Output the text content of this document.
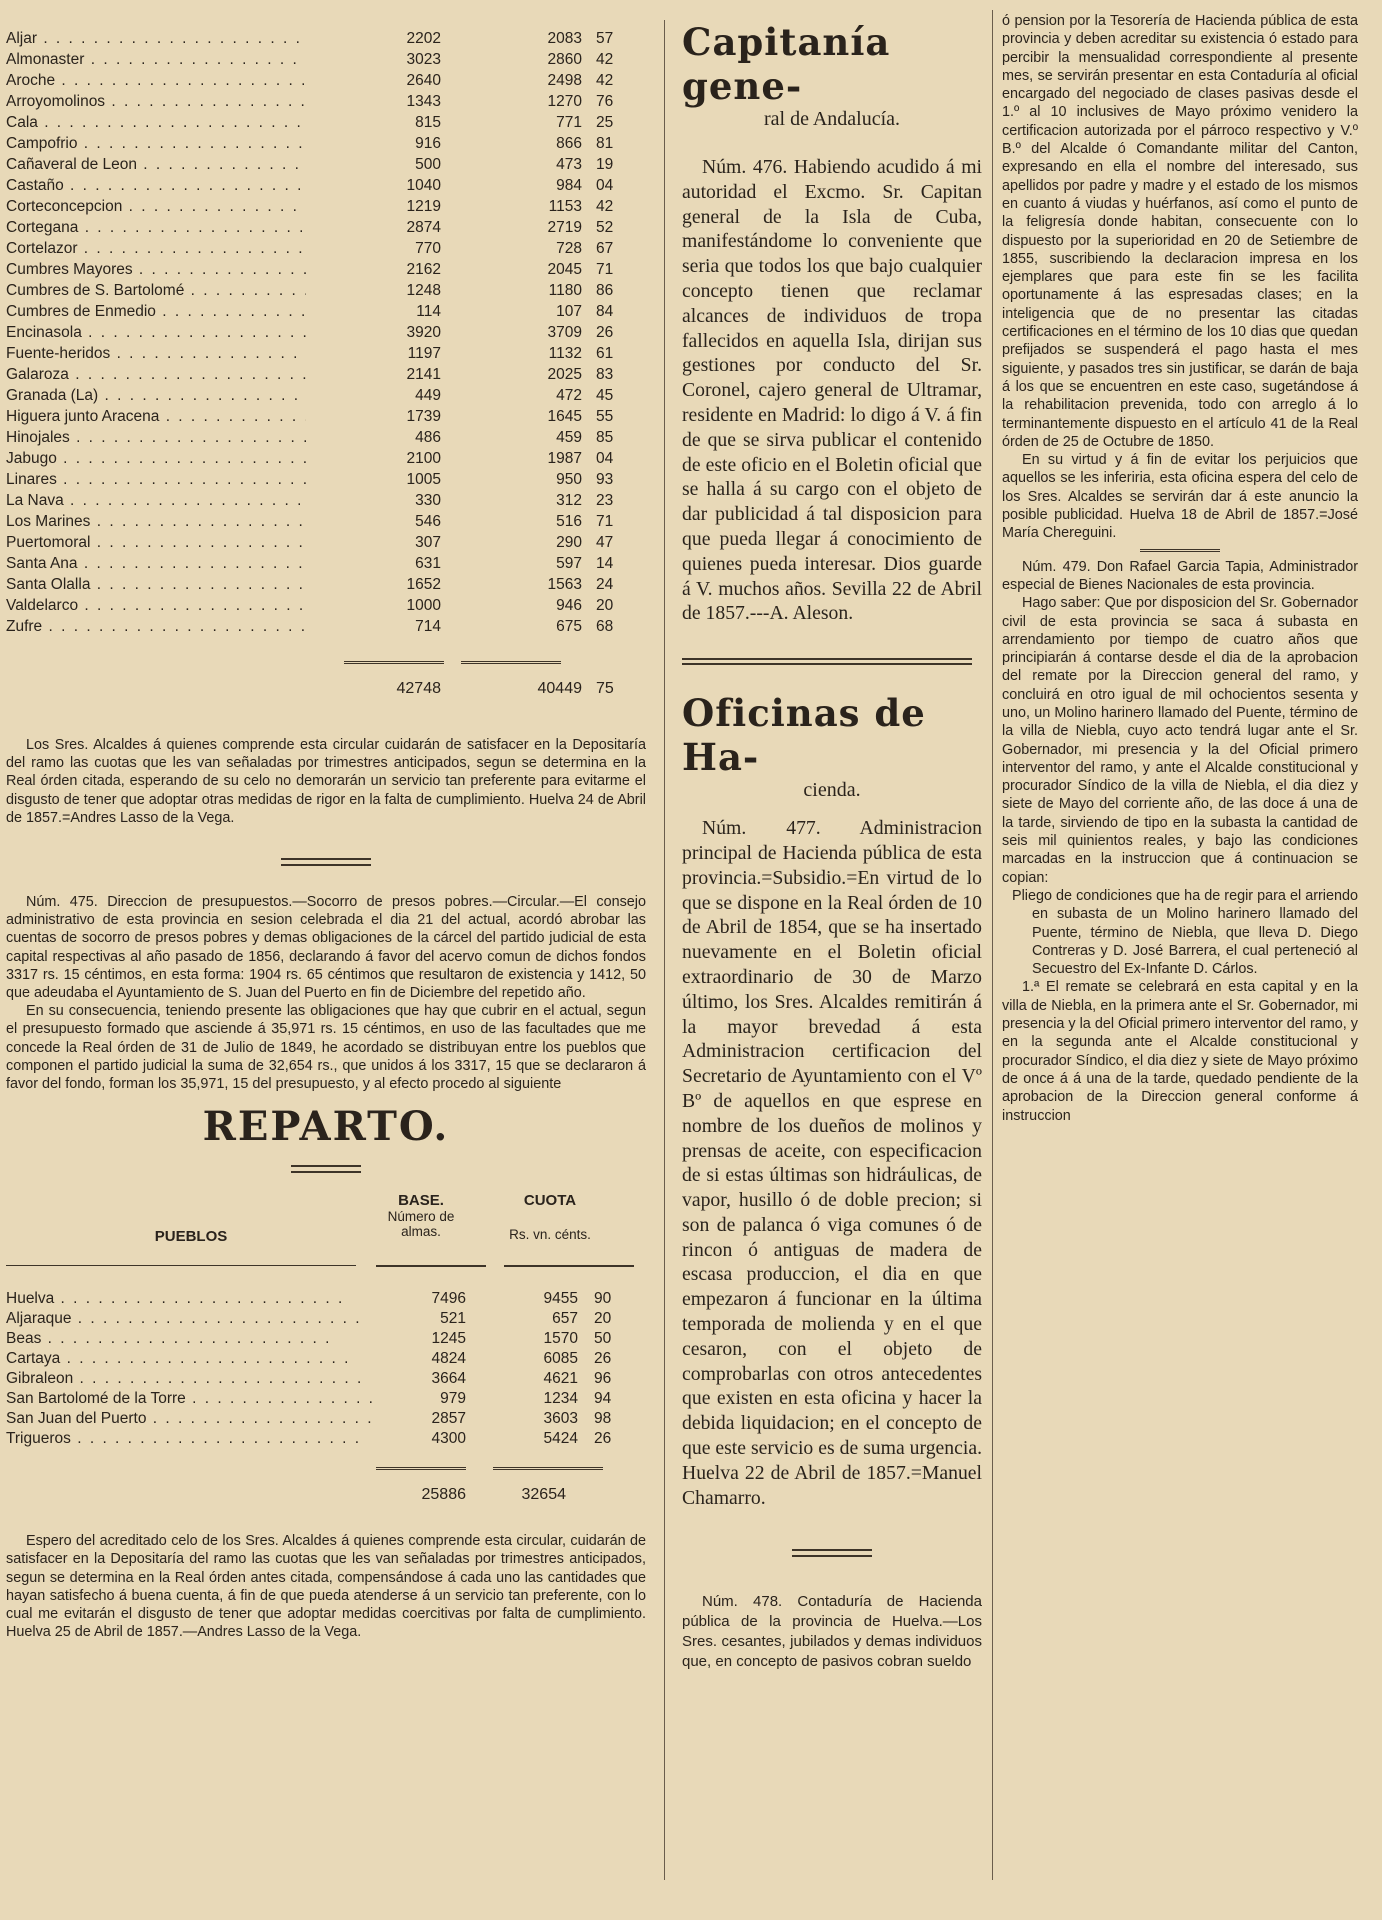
Aljar . . .	2202	2083 57
Almonaster . . .	3023	2860 42
Aroche . . .	2640	2498 42
Arroyomolinos . . .	1343	1270 76
Cala . . .	815	771 25
Campofrio . . .	916	866 81
Cañaveral de Leon . . .	500	473 19
Castaño . . .	1040	984 04
Corteconcepcion . . .	1219	1153 42
Cortegana . . .	2874	2719 52
Cortelazor . . .	770	728 67
Cumbres Mayores . . .	2162	2045 71
Cumbres de S. Bartolomé . . .	1248	1180 86
Cumbres de Enmedio . . .	114	107 84
Encinasola . . .	3920	3709 26
Fuente-heridos . . .	1197	1132 61
Galaroza . . .	2141	2025 83
Granada (La) . . .	449	472 45
Higuera junto Aracena . . .	1739	1645 55
Hinojales . . .	486	459 85
Jabugo . . .	2100	1987 04
Linares . . .	1005	950 93
La Nava . . .	330	312 23
Los Marines . . .	546	516 71
Puertomoral . . .	307	290 47
Santa Ana . . .	631	597 14
Santa Olalla . . .	1652	1563 24
Valdelarco . . .	1000	946 20
Zufre . . .	714	675 68
42748	40449 75

Los Sres. Alcaldes á quienes comprende esta circular cuidarán de satisfacer en la Depositaría del ramo las cuotas que les van señaladas por trimestres anticipados, segun se determina en la Real órden citada, esperando de su celo no demorarán un servicio tan preferente para evitarme el disgusto de tener que adoptar otras medidas de rigor en la falta de cumplimiento. Huelva 24 de Abril de 1857.=Andres Lasso de la Vega.

Núm. 475. Direccion de presupuestos.—Socorro de presos pobres.—Circular.—El consejo administrativo de esta provincia en sesion celebrada el dia 21 del actual, acordó abrobar las cuentas de socorro de presos pobres y demas obligaciones de la cárcel del partido judicial de esta capital respectivas al año pasado de 1856, declarando á favor del acervo comun de dichos fondos 3317 rs. 15 céntimos, en esta forma: 1904 rs. 65 céntimos que resultaron de existencia y 1412, 50 que adeudaba el Ayuntamiento de S. Juan del Puerto en fin de Diciembre del repetido año.

En su consecuencia, teniendo presente las obligaciones que hay que cubrir en el actual, segun el presupuesto formado que asciende á 35,971 rs. 15 céntimos, en uso de las facultades que me concede la Real órden de 31 de Julio de 1849, he acordado se distribuyan entre los pueblos que componen el partido judicial la suma de 32,654 rs., que unidos á los 3317, 15 que se declararon á favor del fondo, forman los 35,971, 15 del presupuesto, y al efecto procedo al siguiente

REPARTO.
PUEBLOS
BASE.
Número de almas.
CUOTA
Rs. vn. cénts.
Huelva . . .	7496	9455	90
Aljaraque . . .	521	657	20
Beas . . .	1245	1570	50
Cartaya . . .	4824	6085	26
Gibraleon . . .	3664	4621	96
San Bartolomé de la Torre . . .	979	1234	94
San Juan del Puerto . . .	2857	3603	98
Trigueros . . .	4300	5424	26
25886	32654

Espero del acreditado celo de los Sres. Alcaldes á quienes comprende esta circular, cuidarán de satisfacer en la Depositaría del ramo las cuotas que les van señaladas por trimestres anticipados, segun se determina en la Real órden antes citada, compensándose á cada uno las cantidades que hayan satisfecho á buena cuenta, á fin de que pueda atenderse á un servicio tan preferente, con lo cual me evitarán el disgusto de tener que adoptar medidas coercitivas por falta de cumplimiento. Huelva 25 de Abril de 1857.—Andres Lasso de la Vega.

Capitanía gene-
ral de Andalucía.

Núm. 476. Habiendo acudido á mi autoridad el Excmo. Sr. Capitan general de la Isla de Cuba, manifestándome lo conveniente que seria que todos los que bajo cualquier concepto tienen que reclamar alcances de individuos de tropa fallecidos en aquella Isla, dirijan sus gestiones por conducto del Sr. Coronel, cajero general de Ultramar, residente en Madrid: lo digo á V. á fin de que se sirva publicar el contenido de este oficio en el Boletin oficial que se halla á su cargo con el objeto de dar publicidad á tal disposicion para que pueda llegar á conocimiento de quienes pueda interesar. Dios guarde á V. muchos años. Sevilla 22 de Abril de 1857.---A. Aleson.

Oficinas de Ha-
cienda.

Núm. 477. Administracion principal de Hacienda pública de esta provincia.=Subsidio.=En virtud de lo que se dispone en la Real órden de 10 de Abril de 1854, que se ha insertado nuevamente en el Boletin oficial extraordinario de 30 de Marzo último, los Sres. Alcaldes remitirán á la mayor brevedad á esta Administracion certificacion del Secretario de Ayuntamiento con el Vº Bº de aquellos en que esprese en nombre de los dueños de molinos y prensas de aceite, con especificacion de si estas últimas son hidráulicas, de vapor, husillo ó de doble precion; si son de palanca ó viga comunes ó de rincon ó antiguas de madera de escasa produccion, el dia en que empezaron á funcionar en la última temporada de molienda y en el que cesaron, con el objeto de comprobarlas con otros antecedentes que existen en esta oficina y hacer la debida liquidacion; en el concepto de que este servicio es de suma urgencia. Huelva 22 de Abril de 1857.=Manuel Chamarro.

Núm. 478. Contaduría de Hacienda pública de la provincia de Huelva.—Los Sres. cesantes, jubilados y demas individuos que, en concepto de pasivos cobran sueldo

ó pension por la Tesorería de Hacienda pública de esta provincia y deben acreditar su existencia ó estado para percibir la mensualidad correspondiente al presente mes, se servirán presentar en esta Contaduría al oficial encargado del negociado de clases pasivas desde el 1.º al 10 inclusives de Mayo próximo venidero la certificacion autorizada por el párroco respectivo y V.º B.º del Alcalde ó Comandante militar del Canton, expresando en ella el nombre del interesado, sus apellidos por padre y madre y el estado de los mismos en cuanto á viudas y huérfanos, así como el punto de la feligresía donde habitan, consecuente con lo dispuesto por la superioridad en 20 de Setiembre de 1855, suscribiendo la declaracion impresa en los ejemplares que para este fin se les facilita oportunamente á las espresadas clases; en la inteligencia que de no presentar las citadas certificaciones en el término de los 10 dias que quedan prefijados se suspenderá el pago hasta el mes siguiente, y pasados tres sin justificar, se darán de baja á los que se encuentren en este caso, sugetándose á la rehabilitacion prevenida, todo con arreglo á lo terminantemente dispuesto en el artículo 41 de la Real órden de 25 de Octubre de 1850.

En su virtud y á fin de evitar los perjuicios que aquellos se les inferiria, esta oficina espera del celo de los Sres. Alcaldes se servirán dar á este anuncio la posible publicidad. Huelva 18 de Abril de 1857.=José María Chereguini.

Núm. 479. Don Rafael Garcia Tapia, Administrador especial de Bienes Nacionales de esta provincia.

Hago saber: Que por disposicion del Sr. Gobernador civil de esta provincia se saca á subasta en arrendamiento por tiempo de cuatro años que principiarán á contarse desde el dia de la aprobacion del remate por la Direccion general del ramo, y concluirá en otro igual de mil ochocientos sesenta y uno, un Molino harinero llamado del Puente, término de la villa de Niebla, cuyo acto tendrá lugar ante el Sr. Gobernador, mi presencia y la del Oficial primero interventor del ramo, y ante el Alcalde constitucional y procurador Síndico de la villa de Niebla, el dia diez y siete de Mayo del corriente año, de las doce á una de la tarde, sirviendo de tipo en la subasta la cantidad de seis mil quinientos reales, y bajo las condiciones marcadas en la instruccion que á continuacion se copian:

Pliego de condiciones que ha de regir para el arriendo en subasta de un Molino harinero llamado del Puente, término de Niebla, que lleva D. Diego Contreras y D. José Barrera, el cual perteneció al Secuestro del Ex-Infante D. Cárlos.

1.ª El remate se celebrará en esta capital y en la villa de Niebla, en la primera ante el Sr. Gobernador, mi presencia y la del Oficial primero interventor del ramo, y en la segunda ante el Alcalde constitucional y procurador Síndico, el dia diez y siete de Mayo próximo de once á á una de la tarde, quedado pendiente de la aprobacion de la Direccion general conforme á instruccion
